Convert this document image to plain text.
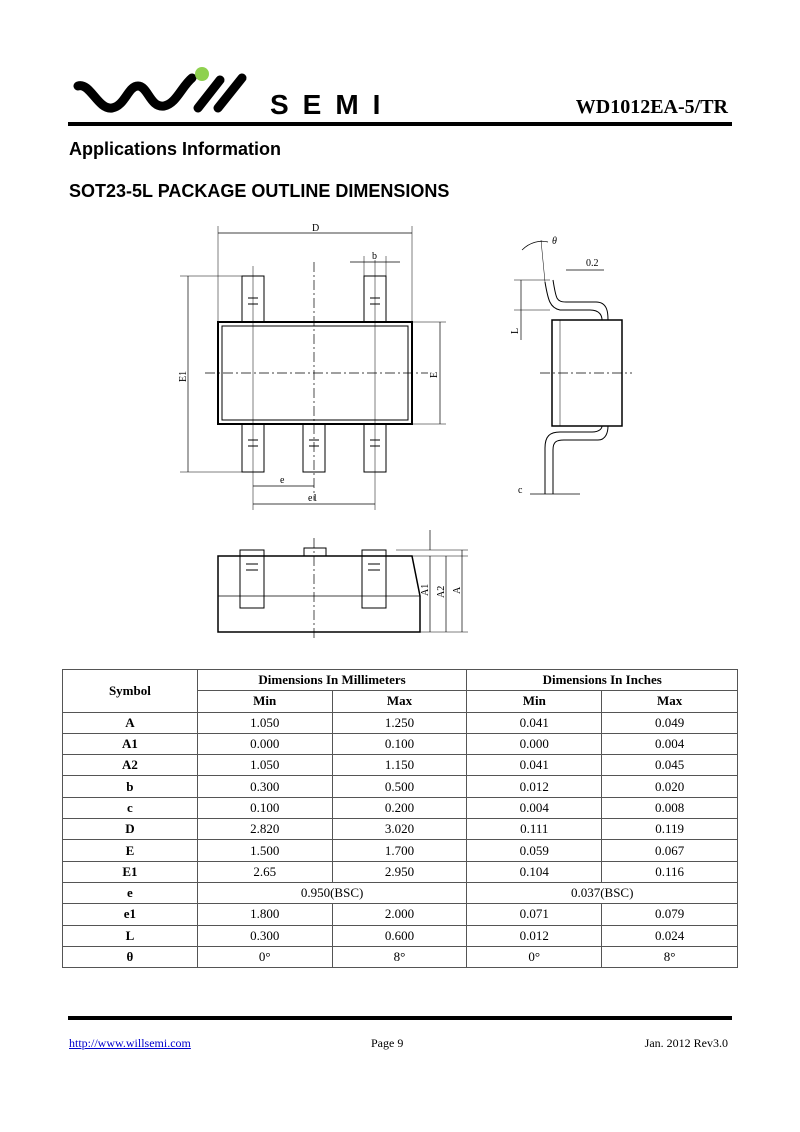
SEMI	WD1012EA-5/TR
Applications Information
SOT23-5L PACKAGE OUTLINE DIMENSIONS
D
b
E1	E
e
e1
θ
0.2
L
c
A1 A2 A
Symbol	Dimensions In Millimeters		Dimensions In Inches	
	Min	Max	Min	Max
A	1.050	1.250	0.041	0.049
A1	0.000	0.100	0.000	0.004
A2	1.050	1.150	0.041	0.045
b	0.300	0.500	0.012	0.020
c	0.100	0.200	0.004	0.008
D	2.820	3.020	0.111	0.119
E	1.500	1.700	0.059	0.067
E1	2.65	2.950	0.104	0.116
e	0.950(BSC)		0.037(BSC)	
e1	1.800	2.000	0.071	0.079
L	0.300	0.600	0.012	0.024
θ	0°	8°	0°	8°
http://www.willsemi.com	Page 9	Jan. 2012 Rev3.0
